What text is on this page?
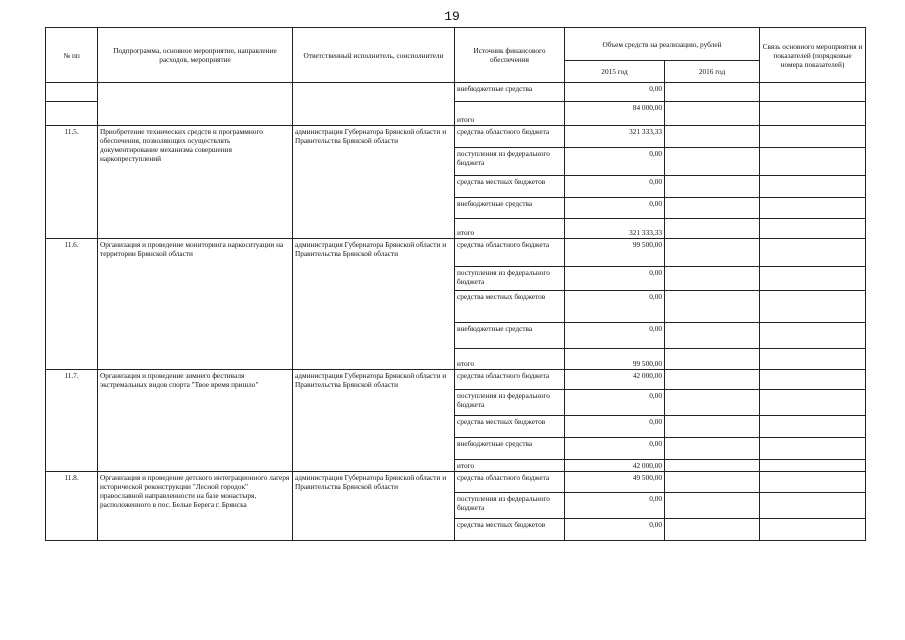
19
№ пп	Подпрограмма, основное мероприятие, направление расходов, мероприятие	Ответственный исполнитель, соисполнители	Источник финансового обеспечения	Объем средств на реализацию, рублей		Связь основного мероприятия и показателей (порядковые номера показателей)
				2015 год	2016 год	
			внебюджетные средства	0,00		
			итого	84 000,00		
11.5.	Приобретение технических средств и программного обеспечения, позволяющих осуществлять документирование механизма совершения наркопреступлений	администрация Губернатора Брянской области и Правительства Брянской области	средства областного бюджета	321 333,33		
			поступления из федерального бюджета	0,00		
			средства местных бюджетов	0,00		
			внебюджетные средства	0,00		
			итого	321 333,33		
11.6.	Организация и проведение мониторинга наркоситуации на территории Брянской области	администрация Губернатора Брянской области и Правительства Брянской области	средства областного бюджета	99 500,00		
			поступления из федерального бюджета	0,00		
			средства местных бюджетов	0,00		
			внебюджетные средства	0,00		
			итого	99 500,00		
11.7.	Организация и проведение зимнего фестиваля экстремальных видов спорта "Твое время пришло"	администрация Губернатора Брянской области и Правительства Брянской области	средства областного бюджета	42 000,00		
			поступления из федерального бюджета	0,00		
			средства местных бюджетов	0,00		
			внебюджетные средства	0,00		
			итого	42 000,00		
11.8.	Организация и проведение детского интеграционного лагеря исторической реконструкции "Лесной городок" православной направленности на базе монастыря, расположенного в пос. Белые Берега г. Брянска	администрация Губернатора Брянской области и Правительства Брянской области	средства областного бюджета	49 500,00		
			поступления из федерального бюджета	0,00		
			средства местных бюджетов	0,00		
